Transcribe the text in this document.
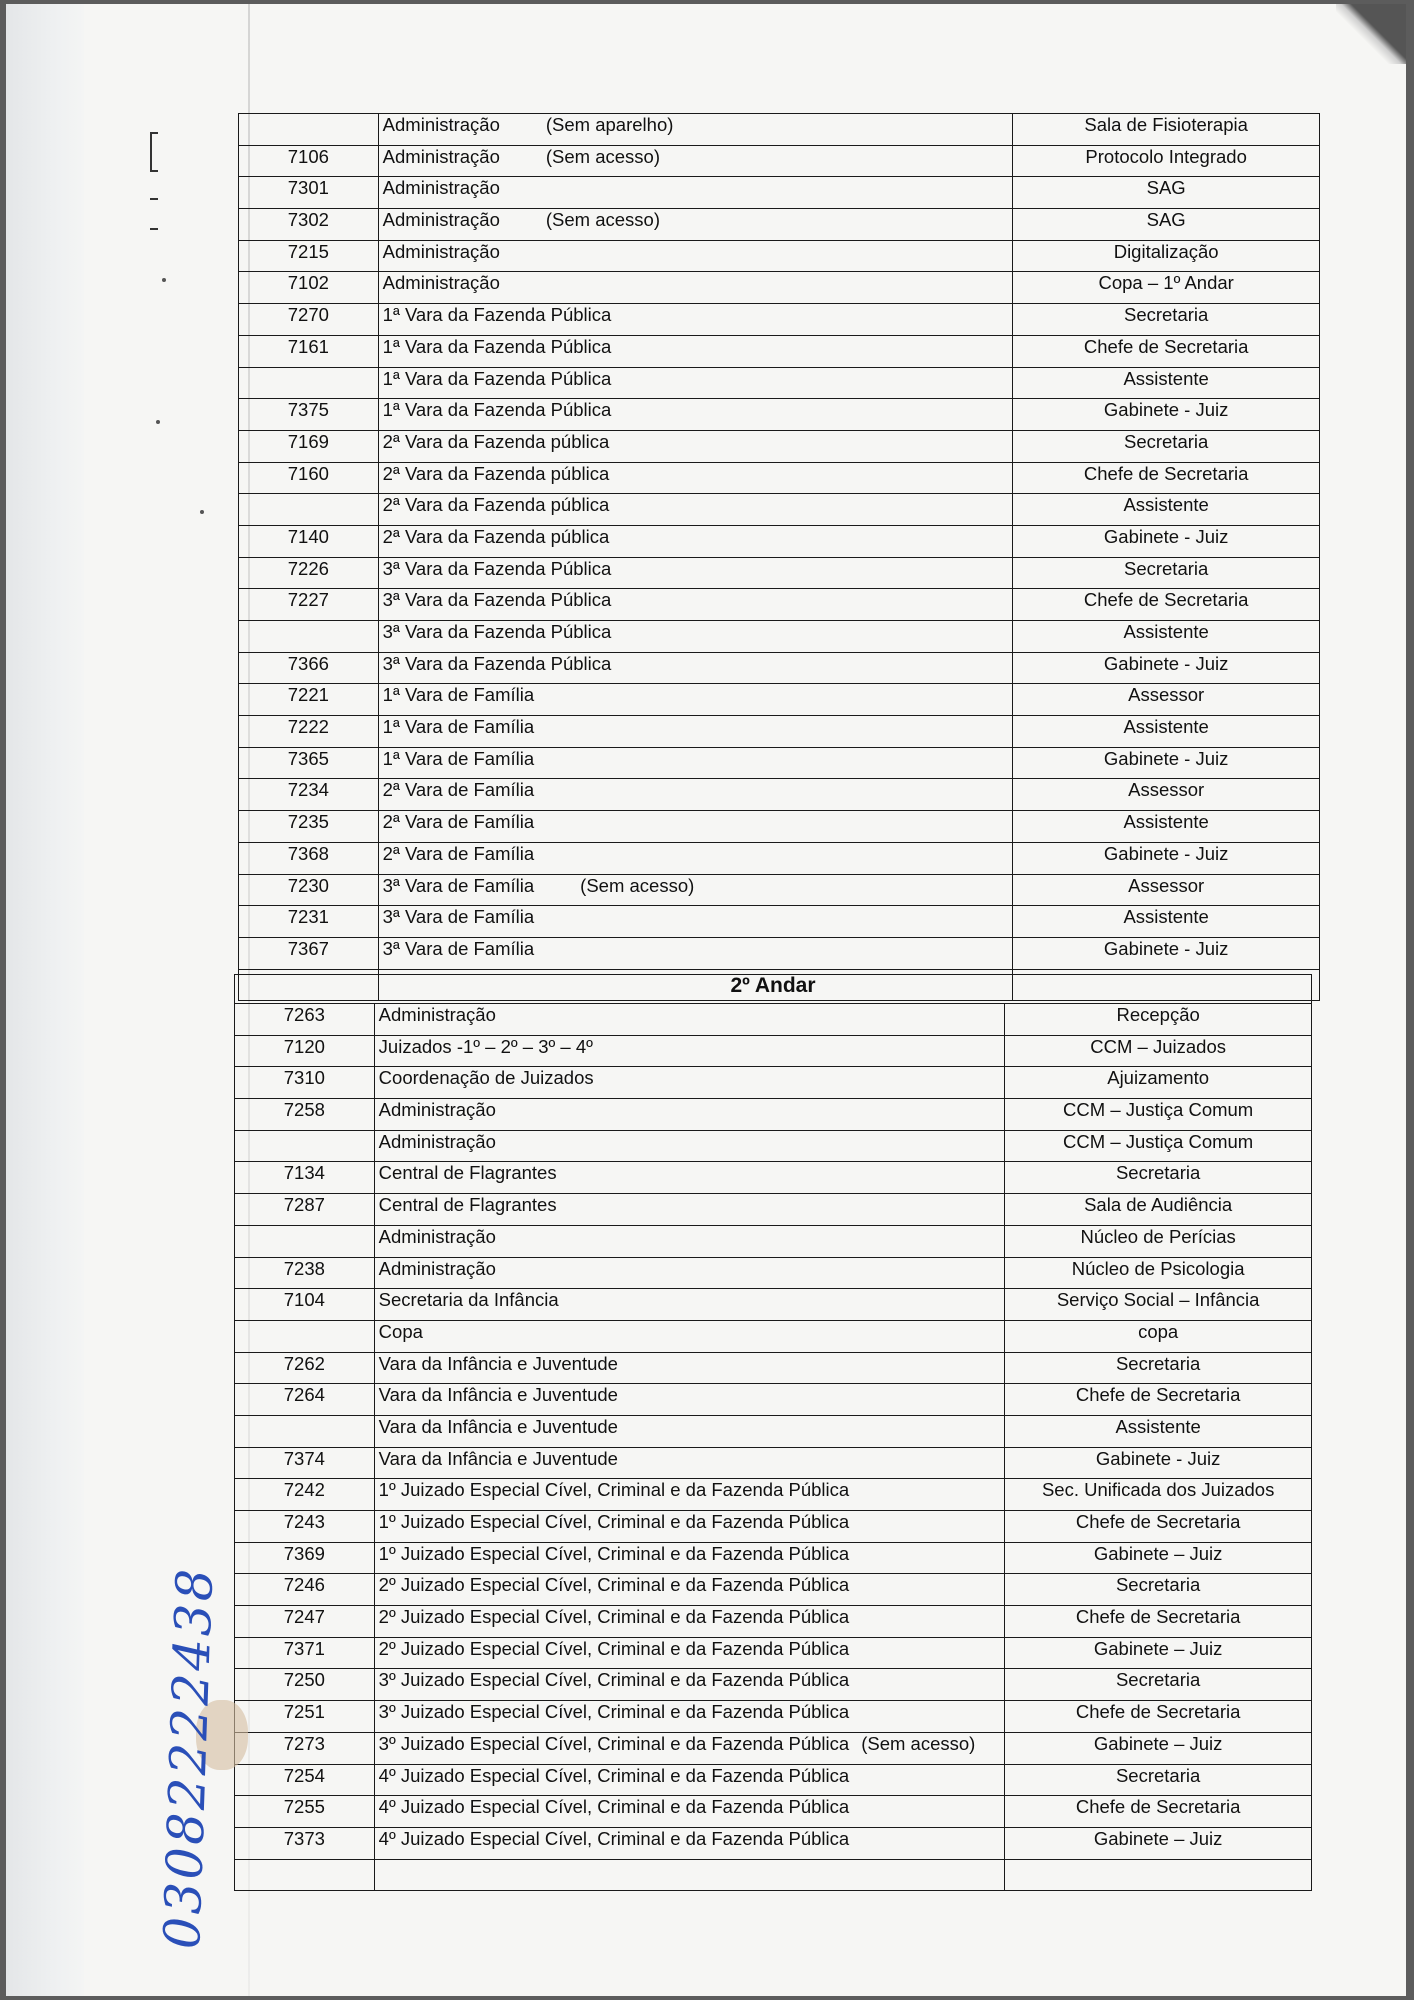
	Administração (Sem aparelho)	Sala de Fisioterapia
7106	Administração (Sem acesso)	Protocolo Integrado
7301	Administração	SAG
7302	Administração (Sem acesso)	SAG
7215	Administração	Digitalização
7102	Administração	Copa – 1º Andar
7270	1ª Vara da Fazenda Pública	Secretaria
7161	1ª Vara da Fazenda Pública	Chefe de Secretaria
	1ª Vara da Fazenda Pública	Assistente
7375	1ª Vara da Fazenda Pública	Gabinete - Juiz
7169	2ª Vara da Fazenda pública	Secretaria
7160	2ª Vara da Fazenda pública	Chefe de Secretaria
	2ª Vara da Fazenda pública	Assistente
7140	2ª Vara da Fazenda pública	Gabinete - Juiz
7226	3ª Vara da Fazenda Pública	Secretaria
7227	3ª Vara da Fazenda Pública	Chefe de Secretaria
	3ª Vara da Fazenda Pública	Assistente
7366	3ª Vara da Fazenda Pública	Gabinete - Juiz
7221	1ª Vara de Família	Assessor
7222	1ª Vara de Família	Assistente
7365	1ª Vara de Família	Gabinete - Juiz
7234	2ª Vara de Família	Assessor
7235	2ª Vara de Família	Assistente
7368	2ª Vara de Família	Gabinete - Juiz
7230	3ª Vara de Família (Sem acesso)	Assessor
7231	3ª Vara de Família	Assistente
7367	3ª Vara de Família	Gabinete - Juiz

2º Andar		
7263	Administração	Recepção
7120	Juizados -1º – 2º – 3º – 4º	CCM – Juizados
7310	Coordenação de Juizados	Ajuizamento
7258	Administração	CCM – Justiça Comum
	Administração	CCM – Justiça Comum
7134	Central de Flagrantes	Secretaria
7287	Central de Flagrantes	Sala de Audiência
	Administração	Núcleo de Perícias
7238	Administração	Núcleo de Psicologia
7104	Secretaria da Infância	Serviço Social – Infância
	Copa	copa
7262	Vara da Infância e Juventude	Secretaria
7264	Vara da Infância e Juventude	Chefe de Secretaria
	Vara da Infância e Juventude	Assistente
7374	Vara da Infância e Juventude	Gabinete - Juiz
7242	1º Juizado Especial Cível, Criminal e da Fazenda Pública	Sec. Unificada dos Juizados
7243	1º Juizado Especial Cível, Criminal e da Fazenda Pública	Chefe de Secretaria
7369	1º Juizado Especial Cível, Criminal e da Fazenda Pública	Gabinete – Juiz
7246	2º Juizado Especial Cível, Criminal e da Fazenda Pública	Secretaria
7247	2º Juizado Especial Cível, Criminal e da Fazenda Pública	Chefe de Secretaria
7371	2º Juizado Especial Cível, Criminal e da Fazenda Pública	Gabinete – Juiz
7250	3º Juizado Especial Cível, Criminal e da Fazenda Pública	Secretaria
7251	3º Juizado Especial Cível, Criminal e da Fazenda Pública	Chefe de Secretaria
7273	3º Juizado Especial Cível, Criminal e da Fazenda Pública (Sem acesso)	Gabinete – Juiz
7254	4º Juizado Especial Cível, Criminal e da Fazenda Pública	Secretaria
7255	4º Juizado Especial Cível, Criminal e da Fazenda Pública	Chefe de Secretaria
7373	4º Juizado Especial Cível, Criminal e da Fazenda Pública	Gabinete – Juiz

03082222438
